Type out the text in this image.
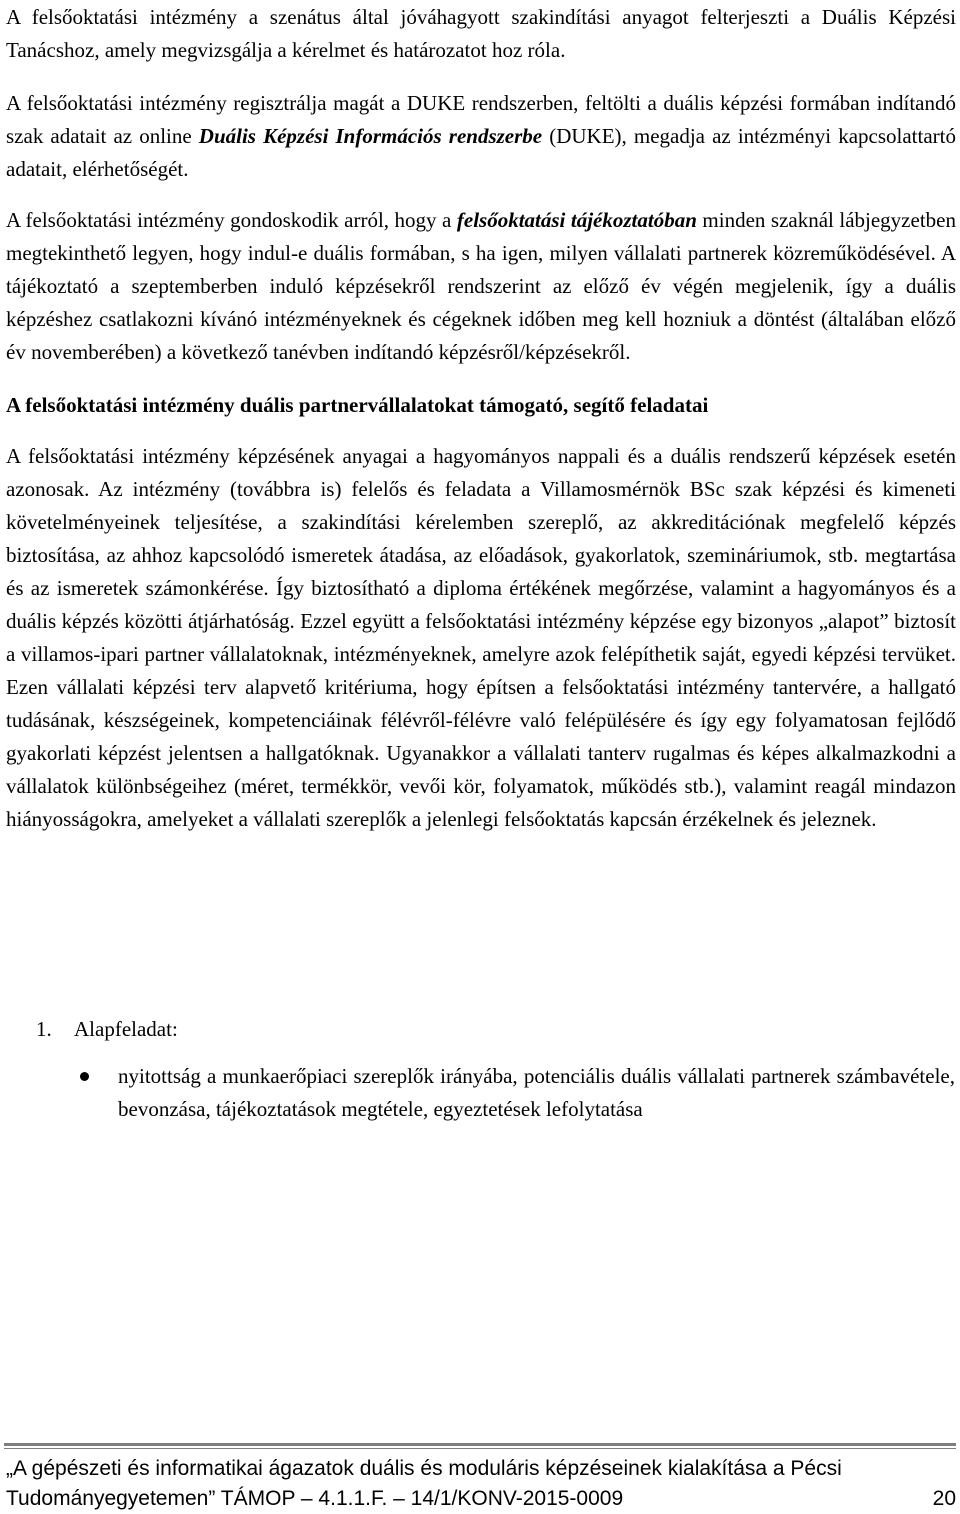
A felsőoktatási intézmény a szenátus által jóváhagyott szakindítási anyagot felterjeszti a Duális Képzési Tanácshoz, amely megvizsgálja a kérelmet és határozatot hoz róla.

A felsőoktatási intézmény regisztrálja magát a DUKE rendszerben, feltölti a duális képzési formában indítandó szak adatait az online Duális Képzési Információs rendszerbe (DUKE), megadja az intézményi kapcsolattartó adatait, elérhetőségét.

A felsőoktatási intézmény gondoskodik arról, hogy a felsőoktatási tájékoztatóban minden szaknál lábjegyzetben megtekinthető legyen, hogy indul-e duális formában, s ha igen, milyen vállalati partnerek közreműködésével. A tájékoztató a szeptemberben induló képzésekről rendszerint az előző év végén megjelenik, így a duális képzéshez csatlakozni kívánó intézményeknek és cégeknek időben meg kell hozniuk a döntést (általában előző év novemberében) a következő tanévben indítandó képzésről/képzésekről.

A felsőoktatási intézmény duális partnervállalatokat támogató, segítő feladatai

A felsőoktatási intézmény képzésének anyagai a hagyományos nappali és a duális rendszerű képzések esetén azonosak. Az intézmény (továbbra is) felelős és feladata a Villamosmérnök BSc szak képzési és kimeneti követelményeinek teljesítése, a szakindítási kérelemben szereplő, az akkreditációnak megfelelő képzés biztosítása, az ahhoz kapcsolódó ismeretek átadása, az előadások, gyakorlatok, szemináriumok, stb. megtartása és az ismeretek számonkérése. Így biztosítható a diploma értékének megőrzése, valamint a hagyományos és a duális képzés közötti átjárhatóság. Ezzel együtt a felsőoktatási intézmény képzése egy bizonyos „alapot” biztosít a villamos-ipari partner vállalatoknak, intézményeknek, amelyre azok felépíthetik saját, egyedi képzési tervüket. Ezen vállalati képzési terv alapvető kritériuma, hogy építsen a felsőoktatási intézmény tantervére, a hallgató tudásának, készségeinek, kompetenciáinak félévről-félévre való felépülésére és így egy folyamatosan fejlődő gyakorlati képzést jelentsen a hallgatóknak. Ugyanakkor a vállalati tanterv rugalmas és képes alkalmazkodni a vállalatok különbségeihez (méret, termékkör, vevői kör, folyamatok, működés stb.), valamint reagál mindazon hiányosságokra, amelyeket a vállalati szereplők a jelenlegi felsőoktatás kapcsán érzékelnek és jeleznek.

1.	Alapfeladat:
nyitottság a munkaerőpiaci szereplők irányába, potenciális duális vállalati partnerek számbavétele, bevonzása, tájékoztatások megtétele, egyeztetések lefolytatása
„A gépészeti és informatikai ágazatok duális és moduláris képzéseinek kialakítása a Pécsi
Tudományegyetemen” TÁMOP – 4.1.1.F. – 14/1/KONV-2015-0009	20
